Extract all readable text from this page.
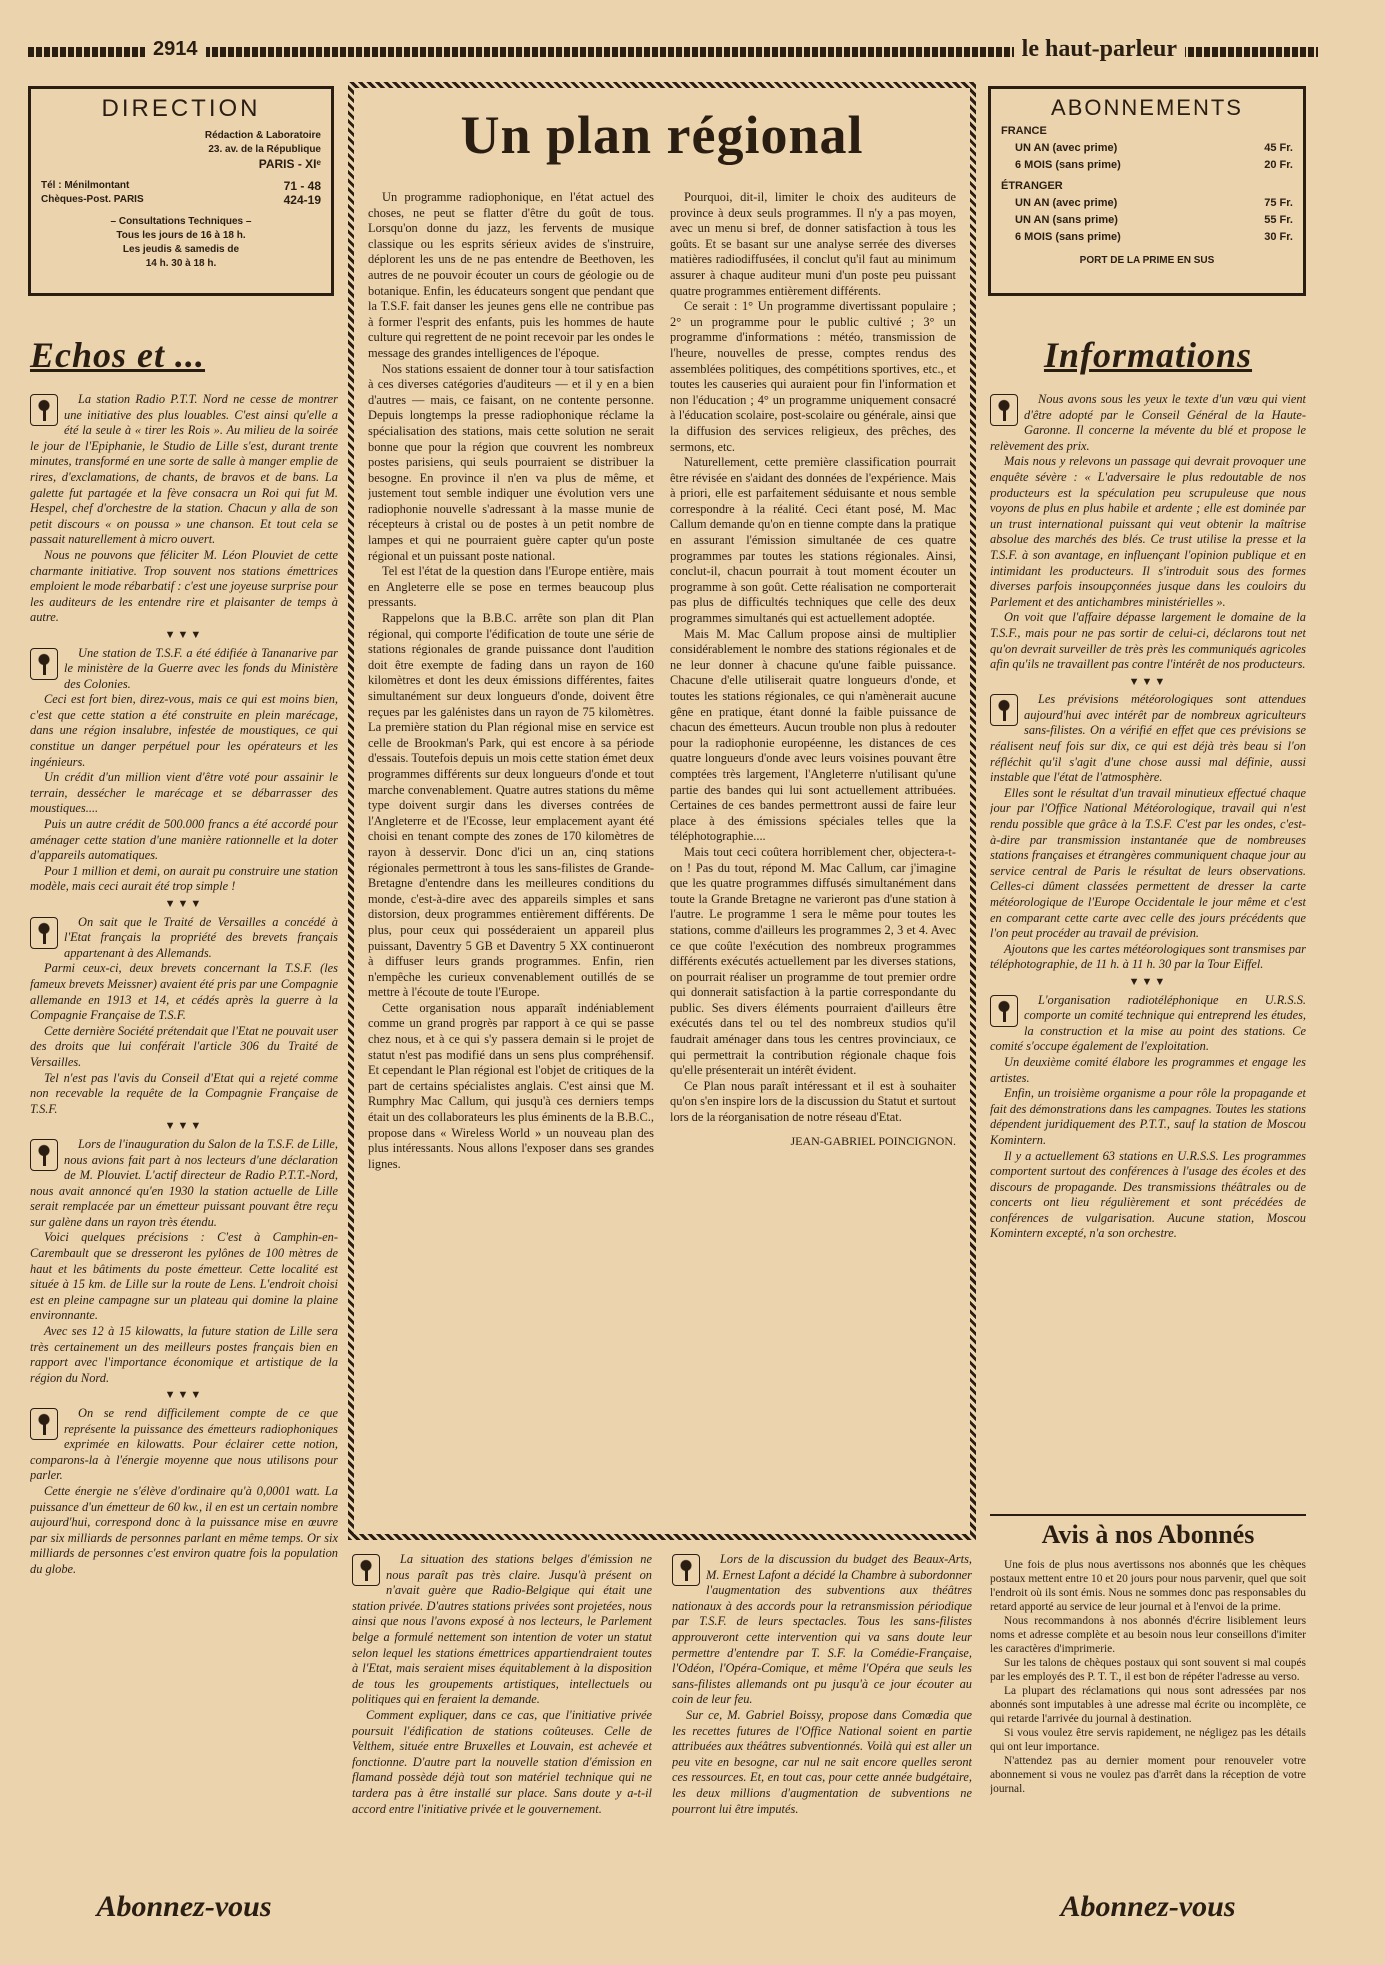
2914	le haut-parleur
DIRECTION
Rédaction & Laboratoire
23. av. de la République
PARIS - XIᵉ
Tél : Ménilmontant	71 - 48
Chèques-Post. PARIS	424-19
– Consultations Techniques –
Tous les jours de 16 à 18 h.
Les jeudis & samedis de
14 h. 30 à 18 h.
ABONNEMENTS
FRANCE
UN AN (avec prime)	45 Fr.
6 MOIS (sans prime)	20 Fr.
ÉTRANGER
UN AN (avec prime)	75 Fr.
UN AN (sans prime)	55 Fr.
6 MOIS (sans prime)	30 Fr.
PORT DE LA PRIME EN SUS
Un plan régional

Un programme radiophonique, en l'état actuel des choses, ne peut se flatter d'être du goût de tous. Lorsqu'on donne du jazz, les fervents de musique classique ou les esprits sérieux avides de s'instruire, déplorent les uns de ne pas entendre de Beethoven, les autres de ne pouvoir écouter un cours de géologie ou de botanique. Enfin, les éducateurs songent que pendant que la T.S.F. fait danser les jeunes gens elle ne contribue pas à former l'esprit des enfants, puis les hommes de haute culture qui regrettent de ne point recevoir par les ondes le message des grandes intelligences de l'époque.

Nos stations essaient de donner tour à tour satisfaction à ces diverses catégories d'auditeurs — et il y en a bien d'autres — mais, ce faisant, on ne contente personne. Depuis longtemps la presse radiophonique réclame la spécialisation des stations, mais cette solution ne serait bonne que pour la région que couvrent les nombreux postes parisiens, qui seuls pourraient se distribuer la besogne. En province il n'en va plus de même, et justement tout semble indiquer une évolution vers une radiophonie nouvelle s'adressant à la masse munie de récepteurs à cristal ou de postes à un petit nombre de lampes et qui ne pourraient guère capter qu'un poste régional et un puissant poste national.

Tel est l'état de la question dans l'Europe entière, mais en Angleterre elle se pose en termes beaucoup plus pressants.

Rappelons que la B.B.C. arrête son plan dit Plan régional, qui comporte l'édification de toute une série de stations régionales de grande puissance dont l'audition doit être exempte de fading dans un rayon de 160 kilomètres et dont les deux émissions différentes, faites simultanément sur deux longueurs d'onde, doivent être reçues par les galénistes dans un rayon de 75 kilomètres. La première station du Plan régional mise en service est celle de Brookman's Park, qui est encore à sa période d'essais. Toutefois depuis un mois cette station émet deux programmes différents sur deux longueurs d'onde et tout marche convenablement. Quatre autres stations du même type doivent surgir dans les diverses contrées de l'Angleterre et de l'Ecosse, leur emplacement ayant été choisi en tenant compte des zones de 170 kilomètres de rayon à desservir. Donc d'ici un an, cinq stations régionales permettront à tous les sans-filistes de Grande-Bretagne d'entendre dans les meilleures conditions du monde, c'est-à-dire avec des appareils simples et sans distorsion, deux programmes entièrement différents. De plus, pour ceux qui posséderaient un appareil plus puissant, Daventry 5 GB et Daventry 5 XX continueront à diffuser leurs grands programmes. Enfin, rien n'empêche les curieux convenablement outillés de se mettre à l'écoute de toute l'Europe.

Cette organisation nous apparaît indéniablement comme un grand progrès par rapport à ce qui se passe chez nous, et à ce qui s'y passera demain si le projet de statut n'est pas modifié dans un sens plus compréhensif. Et cependant le Plan régional est l'objet de critiques de la part de certains spécialistes anglais. C'est ainsi que M. Rumphry Mac Callum, qui jusqu'à ces derniers temps était un des collaborateurs les plus éminents de la B.B.C., propose dans « Wireless World » un nouveau plan des plus intéressants. Nous allons l'exposer dans ses grandes lignes.

Pourquoi, dit-il, limiter le choix des auditeurs de province à deux seuls programmes. Il n'y a pas moyen, avec un menu si bref, de donner satisfaction à tous les goûts. Et se basant sur une analyse serrée des diverses matières radiodiffusées, il conclut qu'il faut au minimum assurer à chaque auditeur muni d'un poste peu puissant quatre programmes entièrement différents.

Ce serait : 1° Un programme divertissant populaire ; 2° un programme pour le public cultivé ; 3° un programme d'informations : météo, transmission de l'heure, nouvelles de presse, comptes rendus des assemblées politiques, des compétitions sportives, etc., et toutes les causeries qui auraient pour fin l'information et non l'éducation ; 4° un programme uniquement consacré à l'éducation scolaire, post-scolaire ou générale, ainsi que la diffusion des services religieux, des prêches, des sermons, etc.

Naturellement, cette première classification pourrait être révisée en s'aidant des données de l'expérience. Mais à priori, elle est parfaitement séduisante et nous semble correspondre à la réalité. Ceci étant posé, M. Mac Callum demande qu'on en tienne compte dans la pratique en assurant l'émission simultanée de ces quatre programmes par toutes les stations régionales. Ainsi, conclut-il, chacun pourrait à tout moment écouter un programme à son goût. Cette réalisation ne comporterait pas plus de difficultés techniques que celle des deux programmes simultanés qui est actuellement adoptée.

Mais M. Mac Callum propose ainsi de multiplier considérablement le nombre des stations régionales et de ne leur donner à chacune qu'une faible puissance. Chacune d'elle utiliserait quatre longueurs d'onde, et toutes les stations régionales, ce qui n'amènerait aucune gêne en pratique, étant donné la faible puissance de chacun des émetteurs. Aucun trouble non plus à redouter pour la radiophonie européenne, les distances de ces quatre longueurs d'onde avec leurs voisines pouvant être comptées très largement, l'Angleterre n'utilisant qu'une partie des bandes qui lui sont actuellement attribuées. Certaines de ces bandes permettront aussi de faire leur place à des émissions spéciales telles que la téléphotographie....

Mais tout ceci coûtera horriblement cher, objectera-t-on ! Pas du tout, répond M. Mac Callum, car j'imagine que les quatre programmes diffusés simultanément dans toute la Grande Bretagne ne varieront pas d'une station à l'autre. Le programme 1 sera le même pour toutes les stations, comme d'ailleurs les programmes 2, 3 et 4. Avec ce que coûte l'exécution des nombreux programmes différents exécutés actuellement par les diverses stations, on pourrait réaliser un programme de tout premier ordre qui donnerait satisfaction à la partie correspondante du public. Ses divers éléments pourraient d'ailleurs être exécutés dans tel ou tel des nombreux studios qu'il faudrait aménager dans tous les centres provinciaux, ce qui permettrait la contribution régionale chaque fois qu'elle présenterait un intérêt évident.

Ce Plan nous paraît intéressant et il est à souhaiter qu'on s'en inspire lors de la discussion du Statut et surtout lors de la réorganisation de notre réseau d'Etat.

JEAN-GABRIEL POINCIGNON.
Echos et ...

La station Radio P.T.T. Nord ne cesse de montrer une initiative des plus louables. C'est ainsi qu'elle a été la seule à « tirer les Rois ». Au milieu de la soirée le jour de l'Epiphanie, le Studio de Lille s'est, durant trente minutes, transformé en une sorte de salle à manger emplie de rires, d'exclamations, de chants, de bravos et de bans. La galette fut partagée et la fève consacra un Roi qui fut M. Hespel, chef d'orchestre de la station. Chacun y alla de son petit discours « on poussa » une chanson. Et tout cela se passait naturellement à micro ouvert.

Nous ne pouvons que féliciter M. Léon Plouviet de cette charmante initiative. Trop souvent nos stations émettrices emploient le mode rébarbatif : c'est une joyeuse surprise pour les auditeurs de les entendre rire et plaisanter de temps à autre.

▼▼▼

Une station de T.S.F. a été édifiée à Tananarive par le ministère de la Guerre avec les fonds du Ministère des Colonies.

Ceci est fort bien, direz-vous, mais ce qui est moins bien, c'est que cette station a été construite en plein marécage, dans une région insalubre, infestée de moustiques, ce qui constitue un danger perpétuel pour les opérateurs et les ingénieurs.

Un crédit d'un million vient d'être voté pour assainir le terrain, dessécher le marécage et se débarrasser des moustiques....

Puis un autre crédit de 500.000 francs a été accordé pour aménager cette station d'une manière rationnelle et la doter d'appareils automatiques.

Pour 1 million et demi, on aurait pu construire une station modèle, mais ceci aurait été trop simple !

▼▼▼

On sait que le Traité de Versailles a concédé à l'Etat français la propriété des brevets français appartenant à des Allemands.

Parmi ceux-ci, deux brevets concernant la T.S.F. (les fameux brevets Meissner) avaient été pris par une Compagnie allemande en 1913 et 14, et cédés après la guerre à la Compagnie Française de T.S.F.

Cette dernière Société prétendait que l'Etat ne pouvait user des droits que lui conférait l'article 306 du Traité de Versailles.

Tel n'est pas l'avis du Conseil d'Etat qui a rejeté comme non recevable la requête de la Compagnie Française de T.S.F.

▼▼▼

Lors de l'inauguration du Salon de la T.S.F. de Lille, nous avions fait part à nos lecteurs d'une déclaration de M. Plouviet. L'actif directeur de Radio P.T.T.-Nord, nous avait annoncé qu'en 1930 la station actuelle de Lille serait remplacée par un émetteur puissant pouvant être reçu sur galène dans un rayon très étendu.

Voici quelques précisions : C'est à Camphin-en-Carembault que se dresseront les pylônes de 100 mètres de haut et les bâtiments du poste émetteur. Cette localité est située à 15 km. de Lille sur la route de Lens. L'endroit choisi est en pleine campagne sur un plateau qui domine la plaine environnante.

Avec ses 12 à 15 kilowatts, la future station de Lille sera très certainement un des meilleurs postes français bien en rapport avec l'importance économique et artistique de la région du Nord.

▼▼▼

On se rend difficilement compte de ce que représente la puissance des émetteurs radiophoniques exprimée en kilowatts. Pour éclairer cette notion, comparons-la à l'énergie moyenne que nous utilisons pour parler.

Cette énergie ne s'élève d'ordinaire qu'à 0,0001 watt. La puissance d'un émetteur de 60 kw., il en est un certain nombre aujourd'hui, correspond donc à la puissance mise en œuvre par six milliards de personnes parlant en même temps. Or six milliards de personnes c'est environ quatre fois la population du globe.

Abonnez-vous
Informations

Nous avons sous les yeux le texte d'un vœu qui vient d'être adopté par le Conseil Général de la Haute-Garonne. Il concerne la mévente du blé et propose le relèvement des prix.

Mais nous y relevons un passage qui devrait provoquer une enquête sévère : « L'adversaire le plus redoutable de nos producteurs est la spéculation peu scrupuleuse que nous voyons de plus en plus habile et ardente ; elle est dominée par un trust international puissant qui veut obtenir la maîtrise absolue des marchés des blés. Ce trust utilise la presse et la T.S.F. à son avantage, en influençant l'opinion publique et en intimidant les producteurs. Il s'introduit sous des formes diverses parfois insoupçonnées jusque dans les couloirs du Parlement et des antichambres ministérielles ».

On voit que l'affaire dépasse largement le domaine de la T.S.F., mais pour ne pas sortir de celui-ci, déclarons tout net qu'on devrait surveiller de très près les communiqués agricoles afin qu'ils ne travaillent pas contre l'intérêt de nos producteurs.

▼▼▼

Les prévisions météorologiques sont attendues aujourd'hui avec intérêt par de nombreux agriculteurs sans-filistes. On a vérifié en effet que ces prévisions se réalisent neuf fois sur dix, ce qui est déjà très beau si l'on réfléchit qu'il s'agit d'une chose aussi mal définie, aussi instable que l'état de l'atmosphère.

Elles sont le résultat d'un travail minutieux effectué chaque jour par l'Office National Météorologique, travail qui n'est rendu possible que grâce à la T.S.F. C'est par les ondes, c'est-à-dire par transmission instantanée que de nombreuses stations françaises et étrangères communiquent chaque jour au service central de Paris le résultat de leurs observations. Celles-ci dûment classées permettent de dresser la carte météorologique de l'Europe Occidentale le jour même et c'est en comparant cette carte avec celle des jours précédents que l'on peut procéder au travail de prévision.

Ajoutons que les cartes météorologiques sont transmises par téléphotographie, de 11 h. à 11 h. 30 par la Tour Eiffel.

▼▼▼

L'organisation radiotéléphonique en U.R.S.S. comporte un comité technique qui entreprend les études, la construction et la mise au point des stations. Ce comité s'occupe également de l'exploitation.

Un deuxième comité élabore les programmes et engage les artistes.

Enfin, un troisième organisme a pour rôle la propagande et fait des démonstrations dans les campagnes. Toutes les stations dépendent juridiquement des P.T.T., sauf la station de Moscou Komintern.

Il y a actuellement 63 stations en U.R.S.S. Les programmes comportent surtout des conférences à l'usage des écoles et des discours de propagande. Des transmissions théâtrales ou de concerts ont lieu régulièrement et sont précédées de conférences de vulgarisation. Aucune station, Moscou Komintern excepté, n'a son orchestre.

Avis à nos Abonnés

Une fois de plus nous avertissons nos abonnés que les chèques postaux mettent entre 10 et 20 jours pour nous parvenir, quel que soit l'endroit où ils sont émis. Nous ne sommes donc pas responsables du retard apporté au service de leur journal et à l'envoi de la prime.

Nous recommandons à nos abonnés d'écrire lisiblement leurs noms et adresse complète et au besoin nous leur conseillons d'imiter les caractères d'imprimerie.

Sur les talons de chèques postaux qui sont souvent si mal coupés par les employés des P. T. T., il est bon de répéter l'adresse au verso.

La plupart des réclamations qui nous sont adressées par nos abonnés sont imputables à une adresse mal écrite ou incomplète, ce qui retarde l'arrivée du journal à destination.

Si vous voulez être servis rapidement, ne négligez pas les détails qui ont leur importance.

N'attendez pas au dernier moment pour renouveler votre abonnement si vous ne voulez pas d'arrêt dans la réception de votre journal.

Abonnez-vous

La situation des stations belges d'émission ne nous paraît pas très claire. Jusqu'à présent on n'avait guère que Radio-Belgique qui était une station privée. D'autres stations privées sont projetées, nous ainsi que nous l'avons exposé à nos lecteurs, le Parlement belge a formulé nettement son intention de voter un statut selon lequel les stations émettrices appartiendraient toutes à l'Etat, mais seraient mises équitablement à la disposition de tous les groupements artistiques, intellectuels ou politiques qui en feraient la demande.

Comment expliquer, dans ce cas, que l'initiative privée poursuit l'édification de stations coûteuses. Celle de Velthem, située entre Bruxelles et Louvain, est achevée et fonctionne. D'autre part la nouvelle station d'émission en flamand possède déjà tout son matériel technique qui ne tardera pas à être installé sur place. Sans doute y a-t-il accord entre l'initiative privée et le gouvernement.

Lors de la discussion du budget des Beaux-Arts, M. Ernest Lafont a décidé la Chambre à subordonner l'augmentation des subventions aux théâtres nationaux à des accords pour la retransmission périodique par T.S.F. de leurs spectacles. Tous les sans-filistes approuveront cette intervention qui va sans doute leur permettre d'entendre par T. S.F. la Comédie-Française, l'Odéon, l'Opéra-Comique, et même l'Opéra que seuls les sans-filistes allemands ont pu jusqu'à ce jour écouter au coin de leur feu.

Sur ce, M. Gabriel Boissy, propose dans Comœdia que les recettes futures de l'Office National soient en partie attribuées aux théâtres subventionnés. Voilà qui est aller un peu vite en besogne, car nul ne sait encore quelles seront ces ressources. Et, en tout cas, pour cette année budgétaire, les deux millions d'augmentation de subventions ne pourront lui être imputés.
